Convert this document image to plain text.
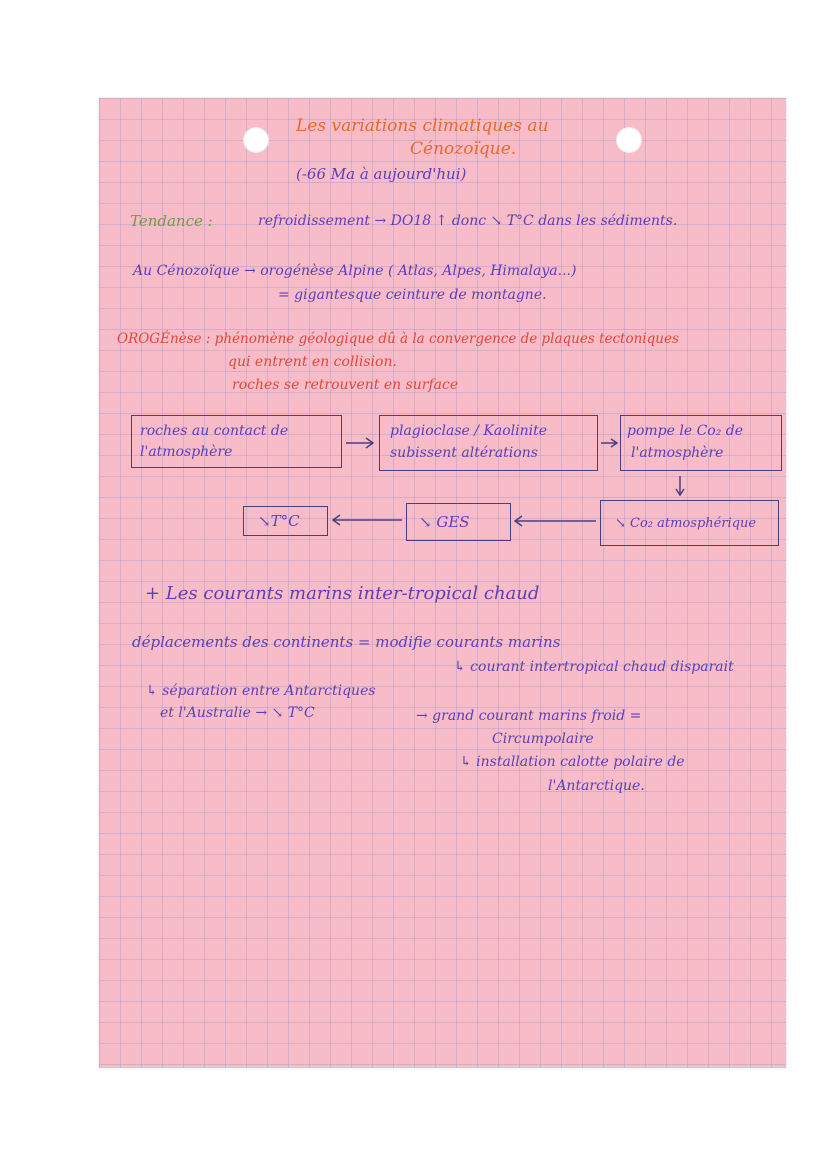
Les variations climatiques au
Cénozoïque.
(-66 Ma à aujourd'hui)
Tendance :	refroidissement → DO18 ↑ donc ↘ T°C dans les sédiments.
Au Cénozoïque → orogénèse Alpine ( Atlas, Alpes, Himalaya...)
= gigantesque ceinture de montagne.
OROGÉnèse : phénomène géologique dû à la convergence de plaques tectoniques
qui entrent en collision.
roches se retrouvent en surface
roches au contact de
l'atmosphère
plagioclase / Kaolinite
subissent altérations
pompe le Co₂ de
l'atmosphère
↘ Co₂ atmosphérique
↘ GES
↘T°C
+ Les courants marins inter-tropical chaud
déplacements des continents = modifie courants marins
↳ courant intertropical chaud disparait
↳ séparation entre Antarctiques
et l'Australie → ↘ T°C	→ grand courant marins froid =
Circumpolaire
↳ installation calotte polaire de
l'Antarctique.
